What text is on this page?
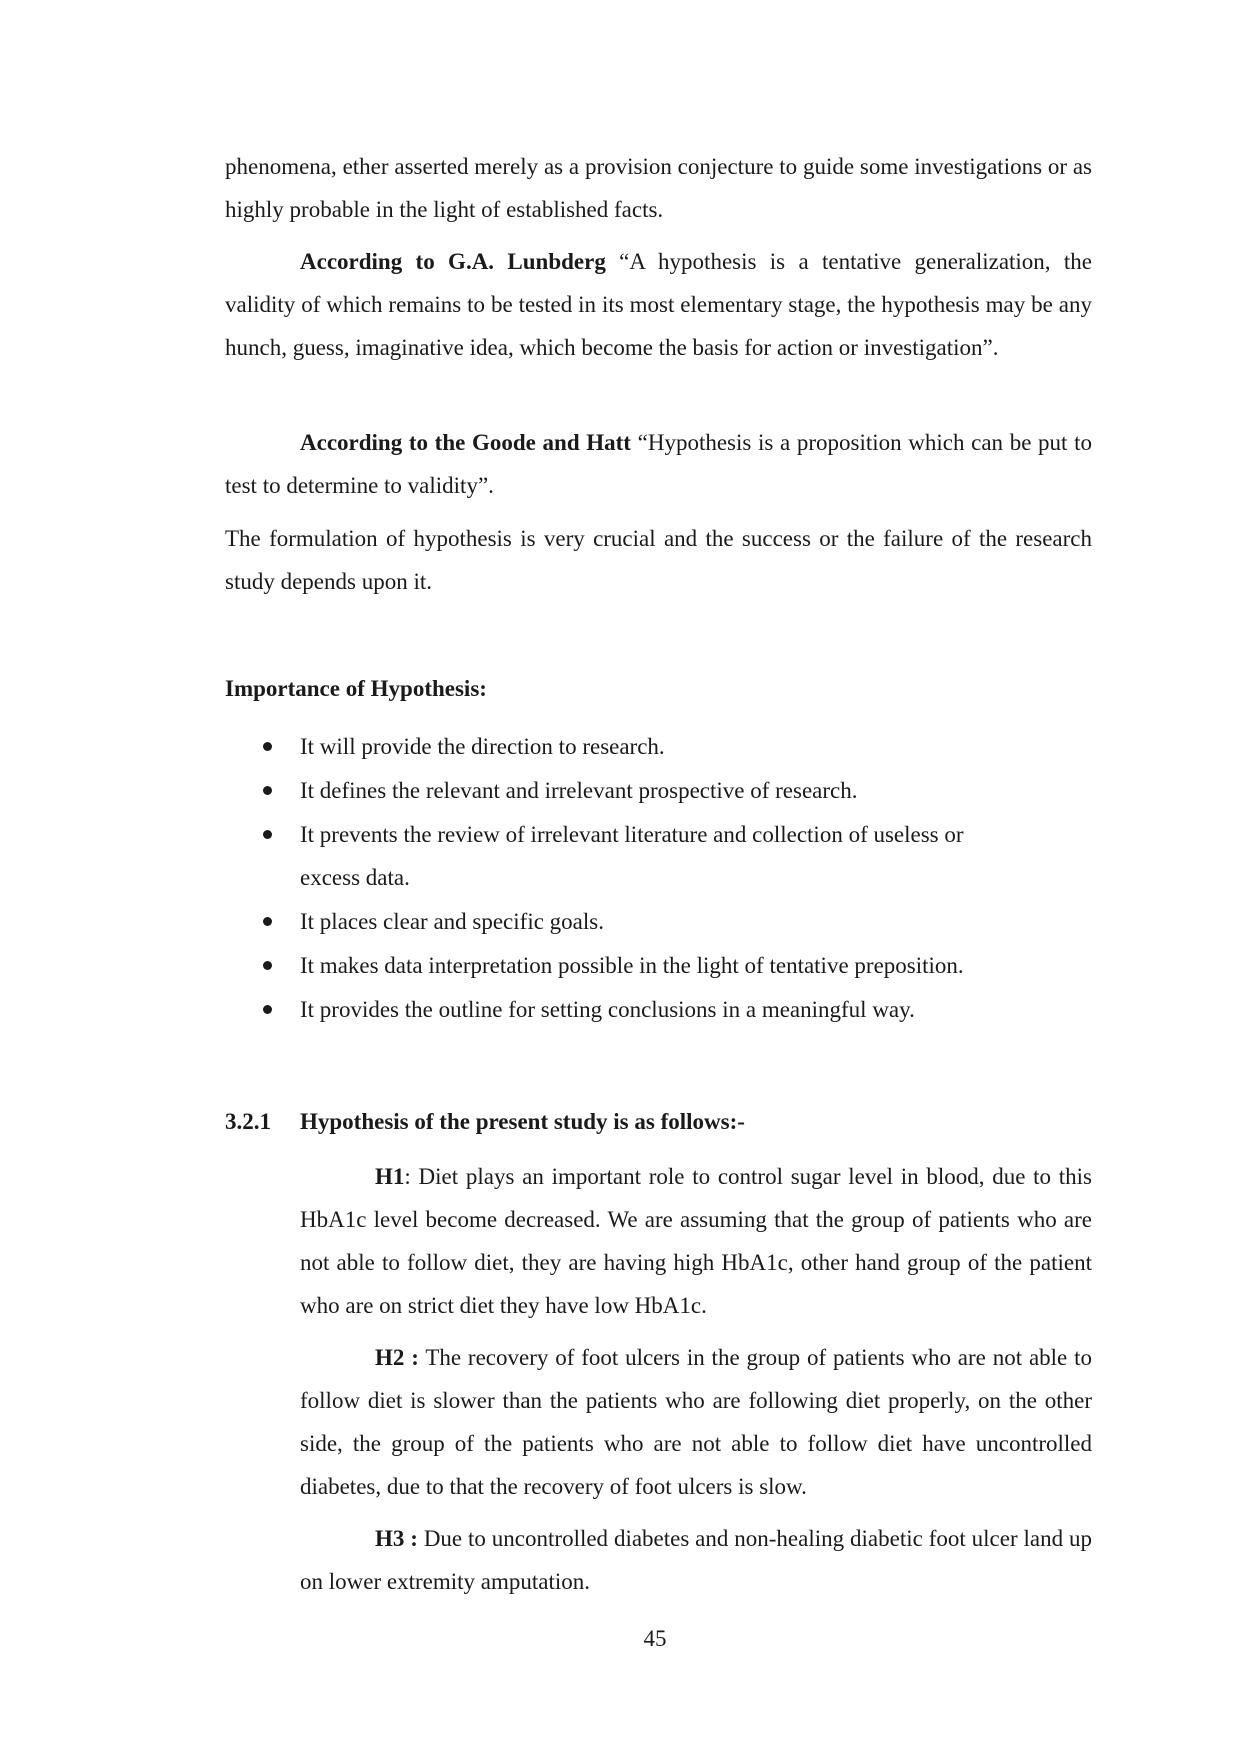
phenomena, ether asserted merely as a provision conjecture to guide some investigations or as highly probable in the light of established facts.

According to G.A. Lunbderg “A hypothesis is a tentative generalization, the validity of which remains to be tested in its most elementary stage, the hypothesis may be any hunch, guess, imaginative idea, which become the basis for action or investigation”.

According to the Goode and Hatt “Hypothesis is a proposition which can be put to test to determine to validity”.

The formulation of hypothesis is very crucial and the success or the failure of the research study depends upon it.

Importance of Hypothesis:

It will provide the direction to research.
It defines the relevant and irrelevant prospective of research.
It prevents the review of irrelevant literature and collection of useless or excess data.
It places clear and specific goals.
It makes data interpretation possible in the light of tentative preposition.
It provides the outline for setting conclusions in a meaningful way.
3.2.1 Hypothesis of the present study is as follows:-

H1: Diet plays an important role to control sugar level in blood, due to this HbA1c level become decreased. We are assuming that the group of patients who are not able to follow diet, they are having high HbA1c, other hand group of the patient who are on strict diet they have low HbA1c.

H2 : The recovery of foot ulcers in the group of patients who are not able to follow diet is slower than the patients who are following diet properly, on the other side, the group of the patients who are not able to follow diet have uncontrolled diabetes, due to that the recovery of foot ulcers is slow.

H3 : Due to uncontrolled diabetes and non-healing diabetic foot ulcer land up on lower extremity amputation.

45
